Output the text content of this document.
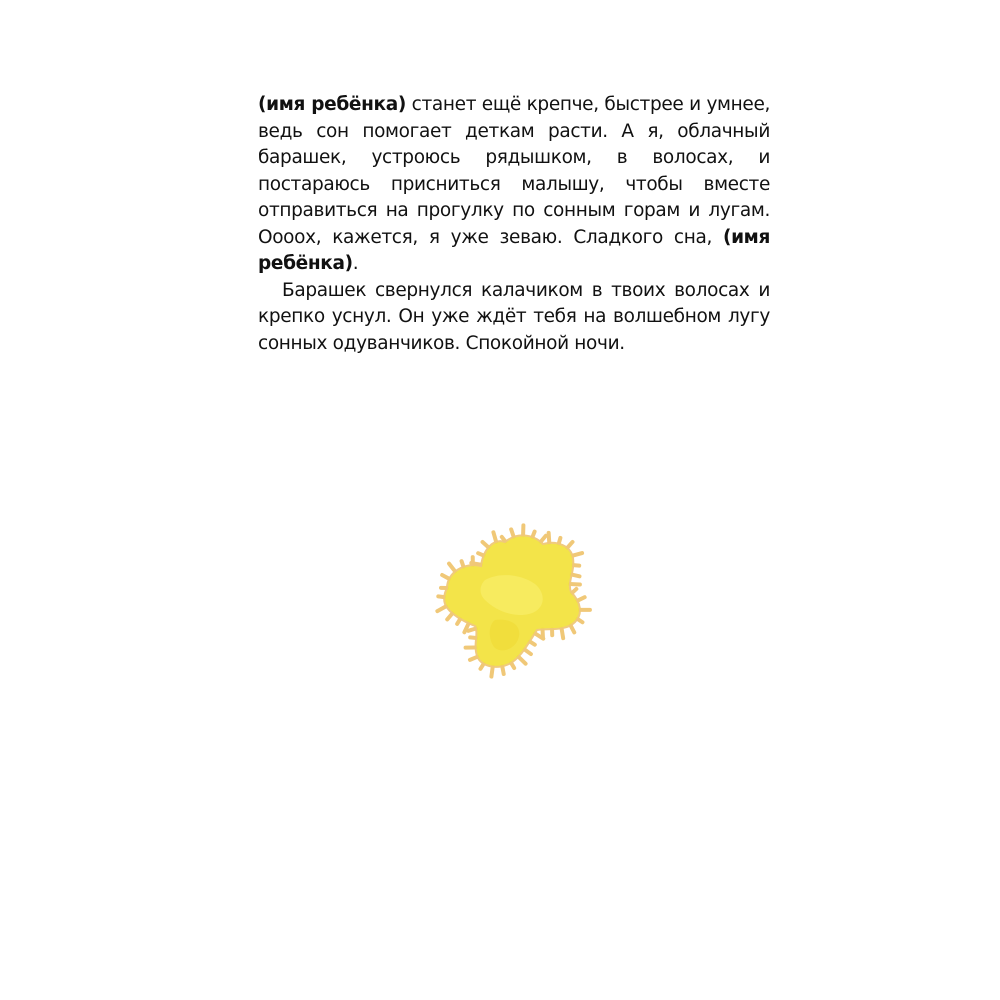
(имя ребёнка) станет ещё крепче, быстрее и умнее, ведь сон помогает деткам расти. А я, облачный барашек, устроюсь рядышком, в волосах, и постараюсь присниться малышу, чтобы вместе отправиться на прогулку по сонным горам и лугам. Оооох, кажется, я уже зеваю. Сладкого сна, (имя ребёнка).

Барашек свернулся калачиком в твоих волосах и крепко уснул. Он уже ждёт тебя на волшебном лугу сонных одуванчиков. Спокойной ночи.
